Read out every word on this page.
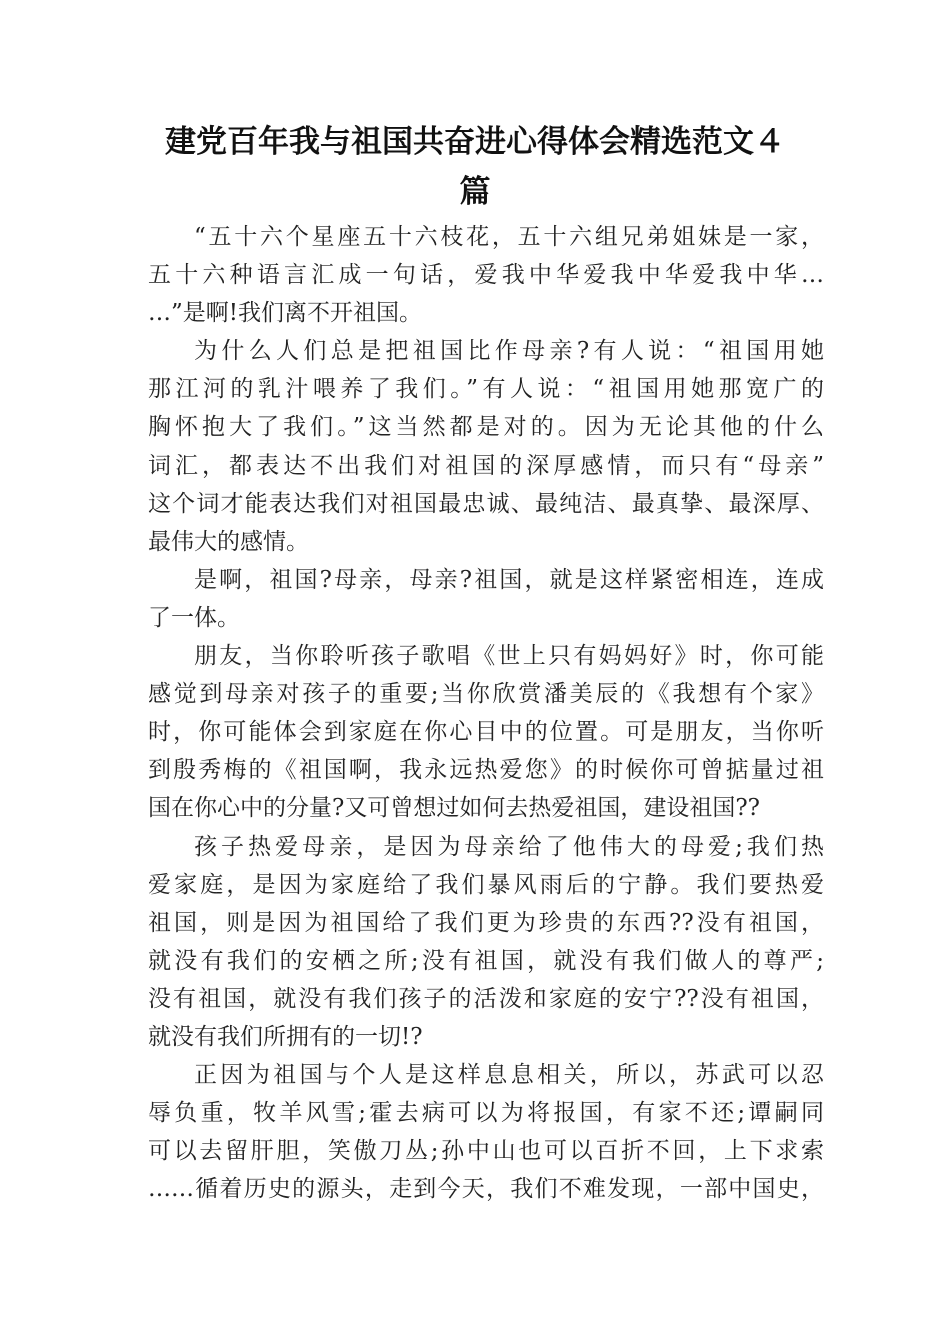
建党百年我与祖国共奋进心得体会精选范文４
篇
“五十六个星座五十六枝花，五十六组兄弟姐妹是一家，
五十六种语言汇成一句话，爱我中华爱我中华爱我中华…
…”是啊!我们离不开祖国。
为什么人们总是把祖国比作母亲?有人说：“祖国用她
那江河的乳汁喂养了我们。”有人说：“祖国用她那宽广的
胸怀抱大了我们。”这当然都是对的。因为无论其他的什么
词汇，都表达不出我们对祖国的深厚感情，而只有“母亲”
这个词才能表达我们对祖国最忠诚、最纯洁、最真挚、最深厚、
最伟大的感情。
是啊，祖国?母亲，母亲?祖国，就是这样紧密相连，连成
了一体。
朋友，当你聆听孩子歌唱《世上只有妈妈好》时，你可能
感觉到母亲对孩子的重要;当你欣赏潘美辰的《我想有个家》
时，你可能体会到家庭在你心目中的位置。可是朋友，当你听
到殷秀梅的《祖国啊，我永远热爱您》的时候你可曾掂量过祖
国在你心中的分量?又可曾想过如何去热爱祖国，建设祖国??
孩子热爱母亲，是因为母亲给了他伟大的母爱;我们热
爱家庭，是因为家庭给了我们暴风雨后的宁静。我们要热爱
祖国，则是因为祖国给了我们更为珍贵的东西??没有祖国，
就没有我们的安栖之所;没有祖国，就没有我们做人的尊严;
没有祖国，就没有我们孩子的活泼和家庭的安宁??没有祖国，
就没有我们所拥有的一切!?
正因为祖国与个人是这样息息相关，所以，苏武可以忍
辱负重，牧羊风雪;霍去病可以为将报国，有家不还;谭嗣同
可以去留肝胆，笑傲刀丛;孙中山也可以百折不回，上下求索
……循着历史的源头，走到今天，我们不难发现，一部中国史，
